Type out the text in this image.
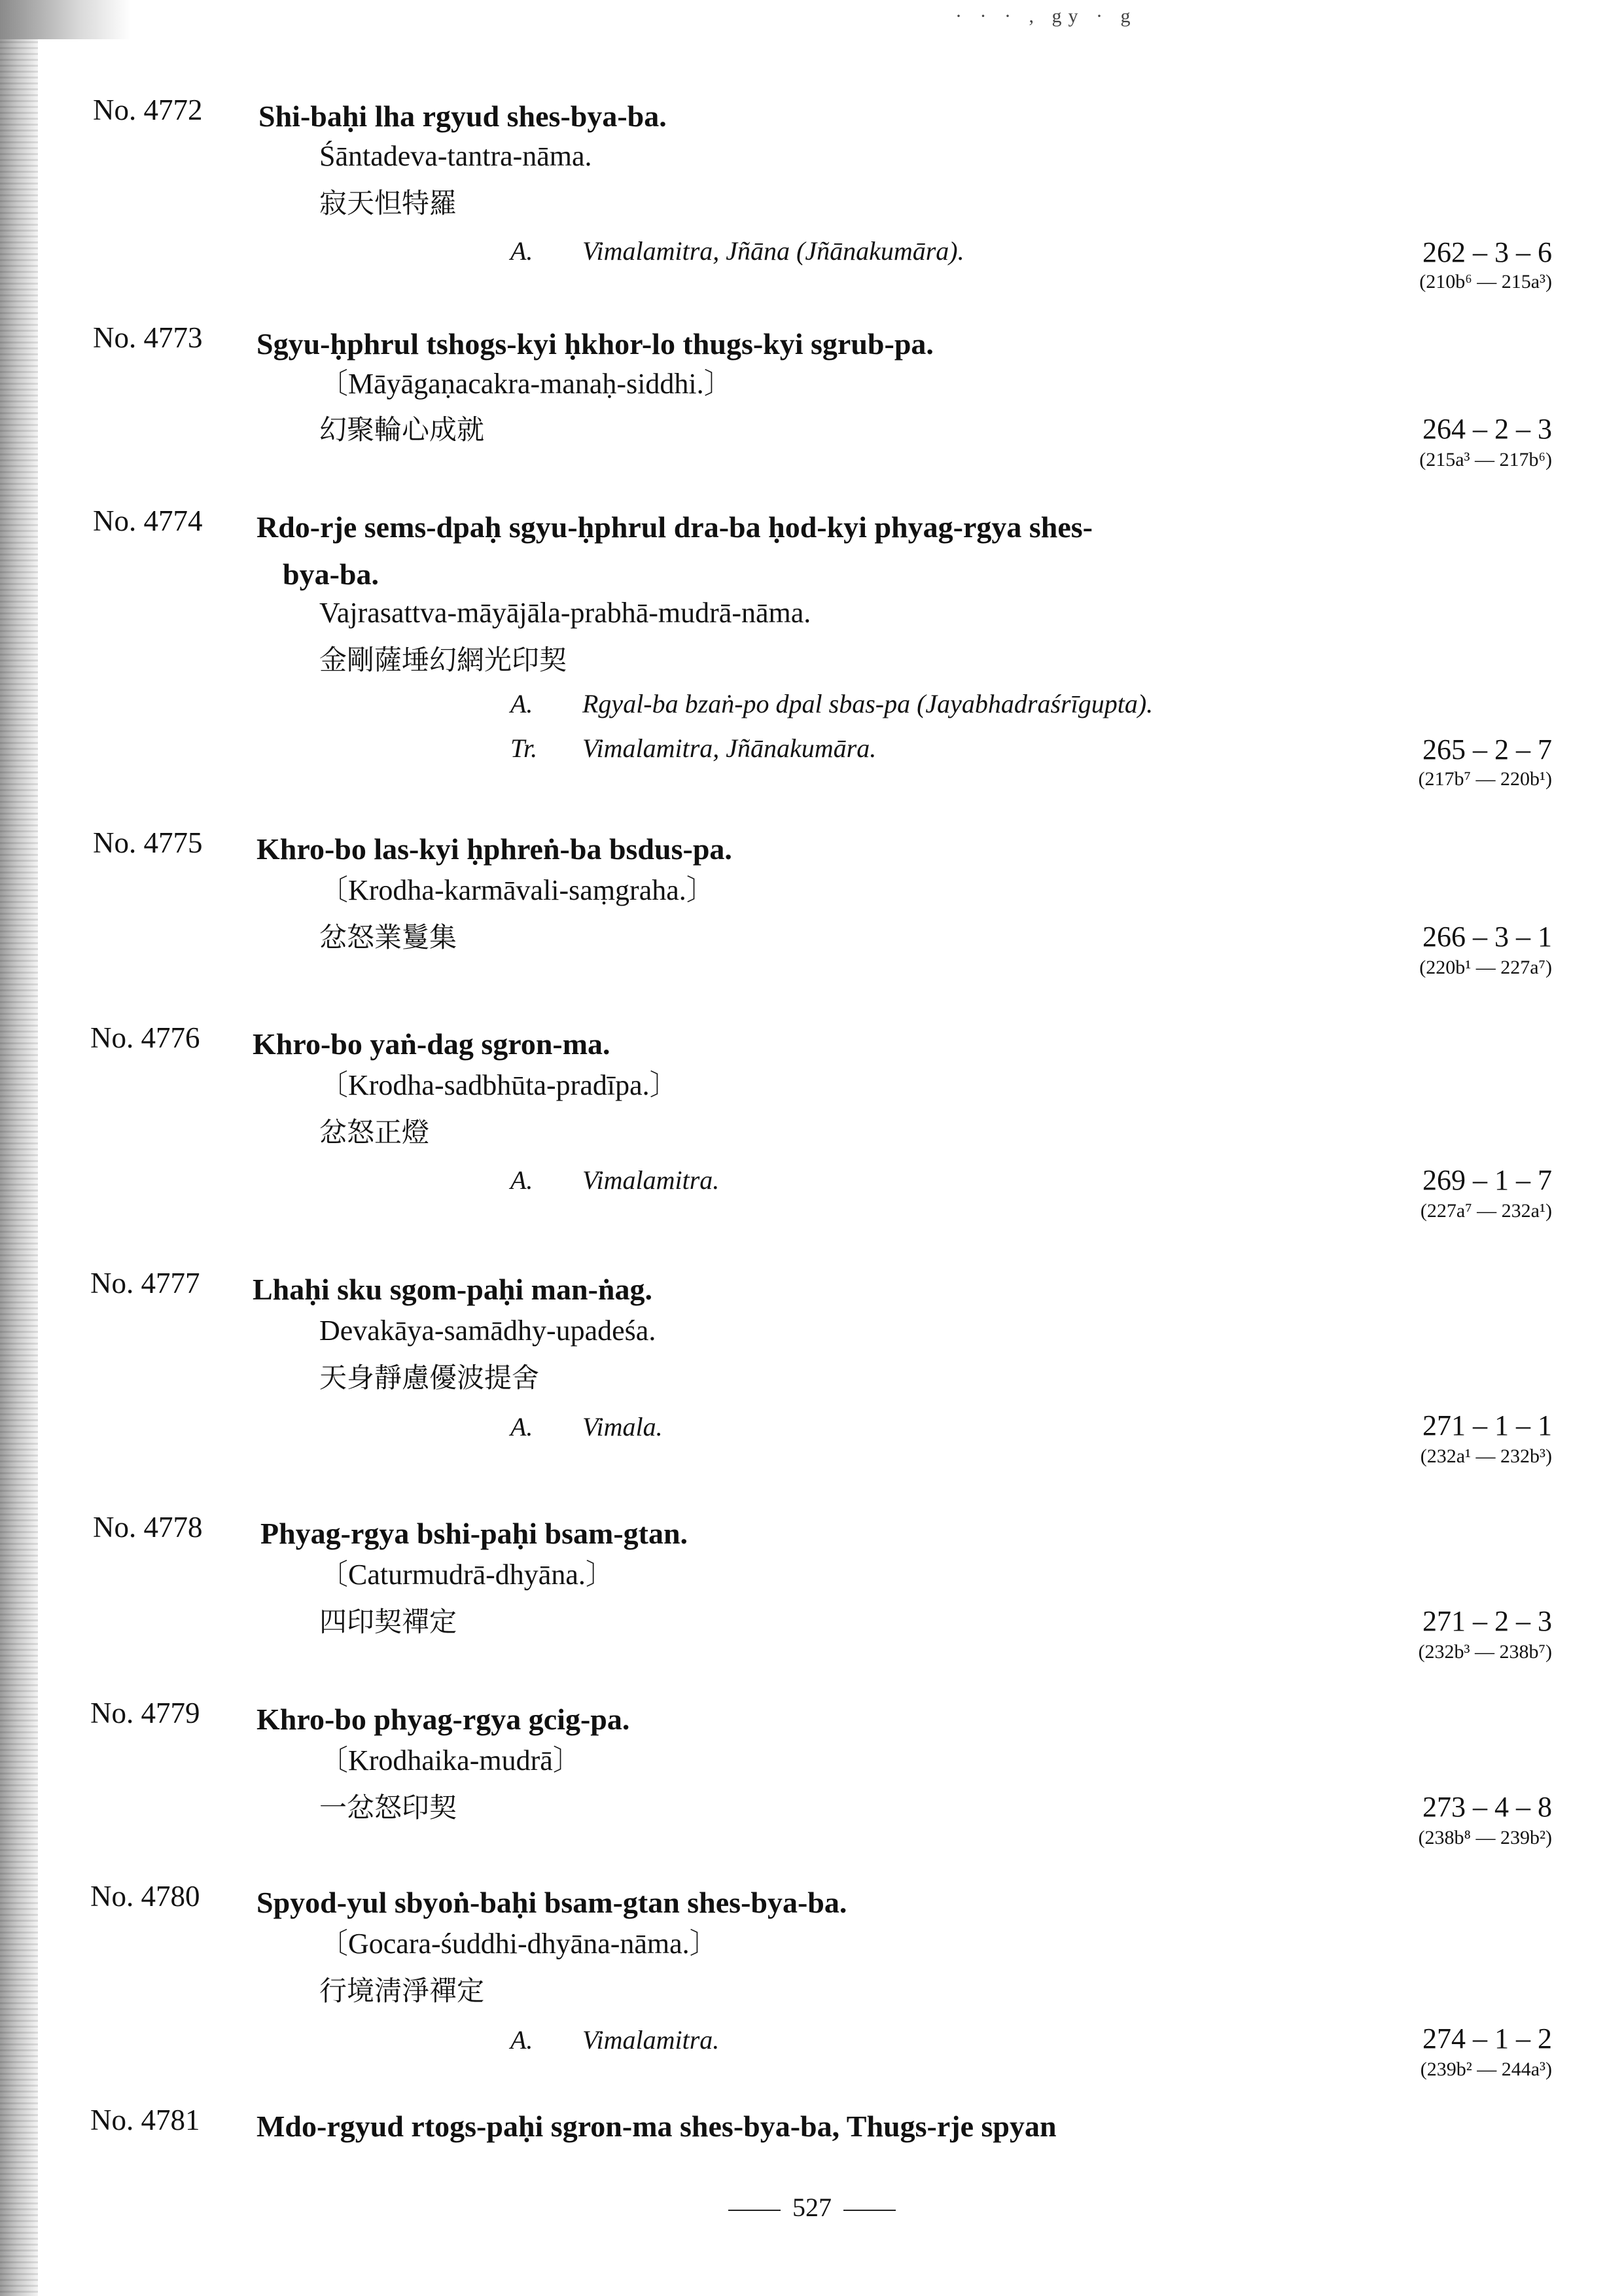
· · · , gy · g
No. 4772 Shi-baḥi lha rgyud shes-bya-ba.
Śāntadeva-tantra-nāma.
寂天怛特羅
A. Vimalamitra, Jñāna (Jñānakumāra).	262 – 3 – 6
(210b⁶ — 215a³)
No. 4773 Sgyu-ḥphrul tshogs-kyi ḥkhor-lo thugs-kyi sgrub-pa.
〔Māyāgaṇacakra-manaḥ-siddhi.〕
幻聚輪心成就	264 – 2 – 3
(215a³ — 217b⁶)
No. 4774 Rdo-rje sems-dpaḥ sgyu-ḥphrul dra-ba ḥod-kyi phyag-rgya shes-
bya-ba.
Vajrasattva-māyājāla-prabhā-mudrā-nāma.
金剛薩埵幻網光印契
A. Rgyal-ba bzaṅ-po dpal sbas-pa (Jayabhadraśrīgupta).
Tr. Vimalamitra, Jñānakumāra.	265 – 2 – 7
(217b⁷ — 220b¹)
No. 4775 Khro-bo las-kyi ḥphreṅ-ba bsdus-pa.
〔Krodha-karmāvali-saṃgraha.〕
忿怒業鬘集	266 – 3 – 1
(220b¹ — 227a⁷)
No. 4776 Khro-bo yaṅ-dag sgron-ma.
〔Krodha-sadbhūta-pradīpa.〕
忿怒正燈
A. Vimalamitra.	269 – 1 – 7
(227a⁷ — 232a¹)
No. 4777 Lhaḥi sku sgom-paḥi man-ṅag.
Devakāya-samādhy-upadeśa.
天身靜慮優波提舍
A. Vimala.	271 – 1 – 1
(232a¹ — 232b³)
No. 4778 Phyag-rgya bshi-paḥi bsam-gtan.
〔Caturmudrā-dhyāna.〕
四印契禪定	271 – 2 – 3
(232b³ — 238b⁷)
No. 4779 Khro-bo phyag-rgya gcig-pa.
〔Krodhaika-mudrā〕
一忿怒印契	273 – 4 – 8
(238b⁸ — 239b²)
No. 4780 Spyod-yul sbyoṅ-baḥi bsam-gtan shes-bya-ba.
〔Gocara-śuddhi-dhyāna-nāma.〕
行境淸淨禪定
A. Vimalamitra.	274 – 1 – 2
(239b² — 244a³)
No. 4781 Mdo-rgyud rtogs-paḥi sgron-ma shes-bya-ba, Thugs-rje spyan
527
